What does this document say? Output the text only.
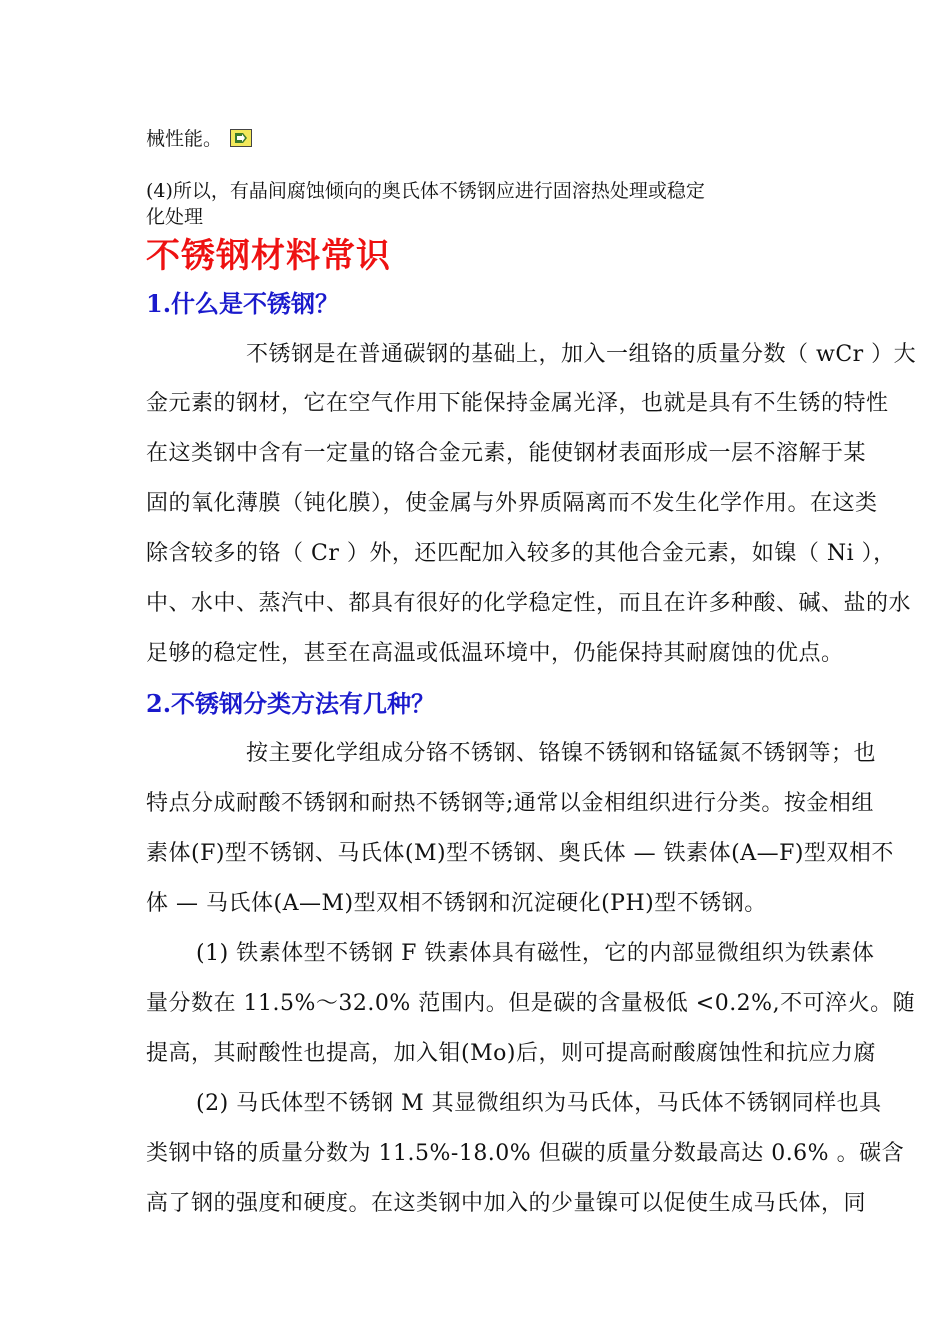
械性能。
(4)所以，有晶间腐蚀倾向的奥氏体不锈钢应进行固溶热处理或稳定
化处理
不锈钢材料常识
1.什么是不锈钢？
不锈钢是在普通碳钢的基础上，加入一组铬的质量分数（ wCr ）大
金元素的钢材，它在空气作用下能保持金属光泽，也就是具有不生锈的特性
在这类钢中含有一定量的铬合金元素，能使钢材表面形成一层不溶解于某
固的氧化薄膜（钝化膜），使金属与外界质隔离而不发生化学作用。在这类
除含较多的铬（ Cr ）外，还匹配加入较多的其他合金元素，如镍（ Ni ），
中、水中、蒸汽中、都具有很好的化学稳定性，而且在许多种酸、碱、盐的水
足够的稳定性，甚至在高温或低温环境中，仍能保持其耐腐蚀的优点。
2.不锈钢分类方法有几种？
按主要化学组成分铬不锈钢、铬镍不锈钢和铬锰氮不锈钢等；也
特点分成耐酸不锈钢和耐热不锈钢等;通常以金相组织进行分类。按金相组
素体(F)型不锈钢、马氏体(M)型不锈钢、奥氏体 — 铁素体(A—F)型双相不
体 — 马氏体(A—M)型双相不锈钢和沉淀硬化(PH)型不锈钢。
(1) 铁素体型不锈钢 F 铁素体具有磁性，它的内部显微组织为铁素体
量分数在 11.5%～32.0% 范围内。但是碳的含量极低 <0.2%,不可淬火。随
提高，其耐酸性也提高，加入钼(Mo)后，则可提高耐酸腐蚀性和抗应力腐
(2) 马氏体型不锈钢 M 其显微组织为马氏体，马氏体不锈钢同样也具
类钢中铬的质量分数为 11.5%-18.0% 但碳的质量分数最高达 0.6% 。碳含
高了钢的强度和硬度。在这类钢中加入的少量镍可以促使生成马氏体，同
